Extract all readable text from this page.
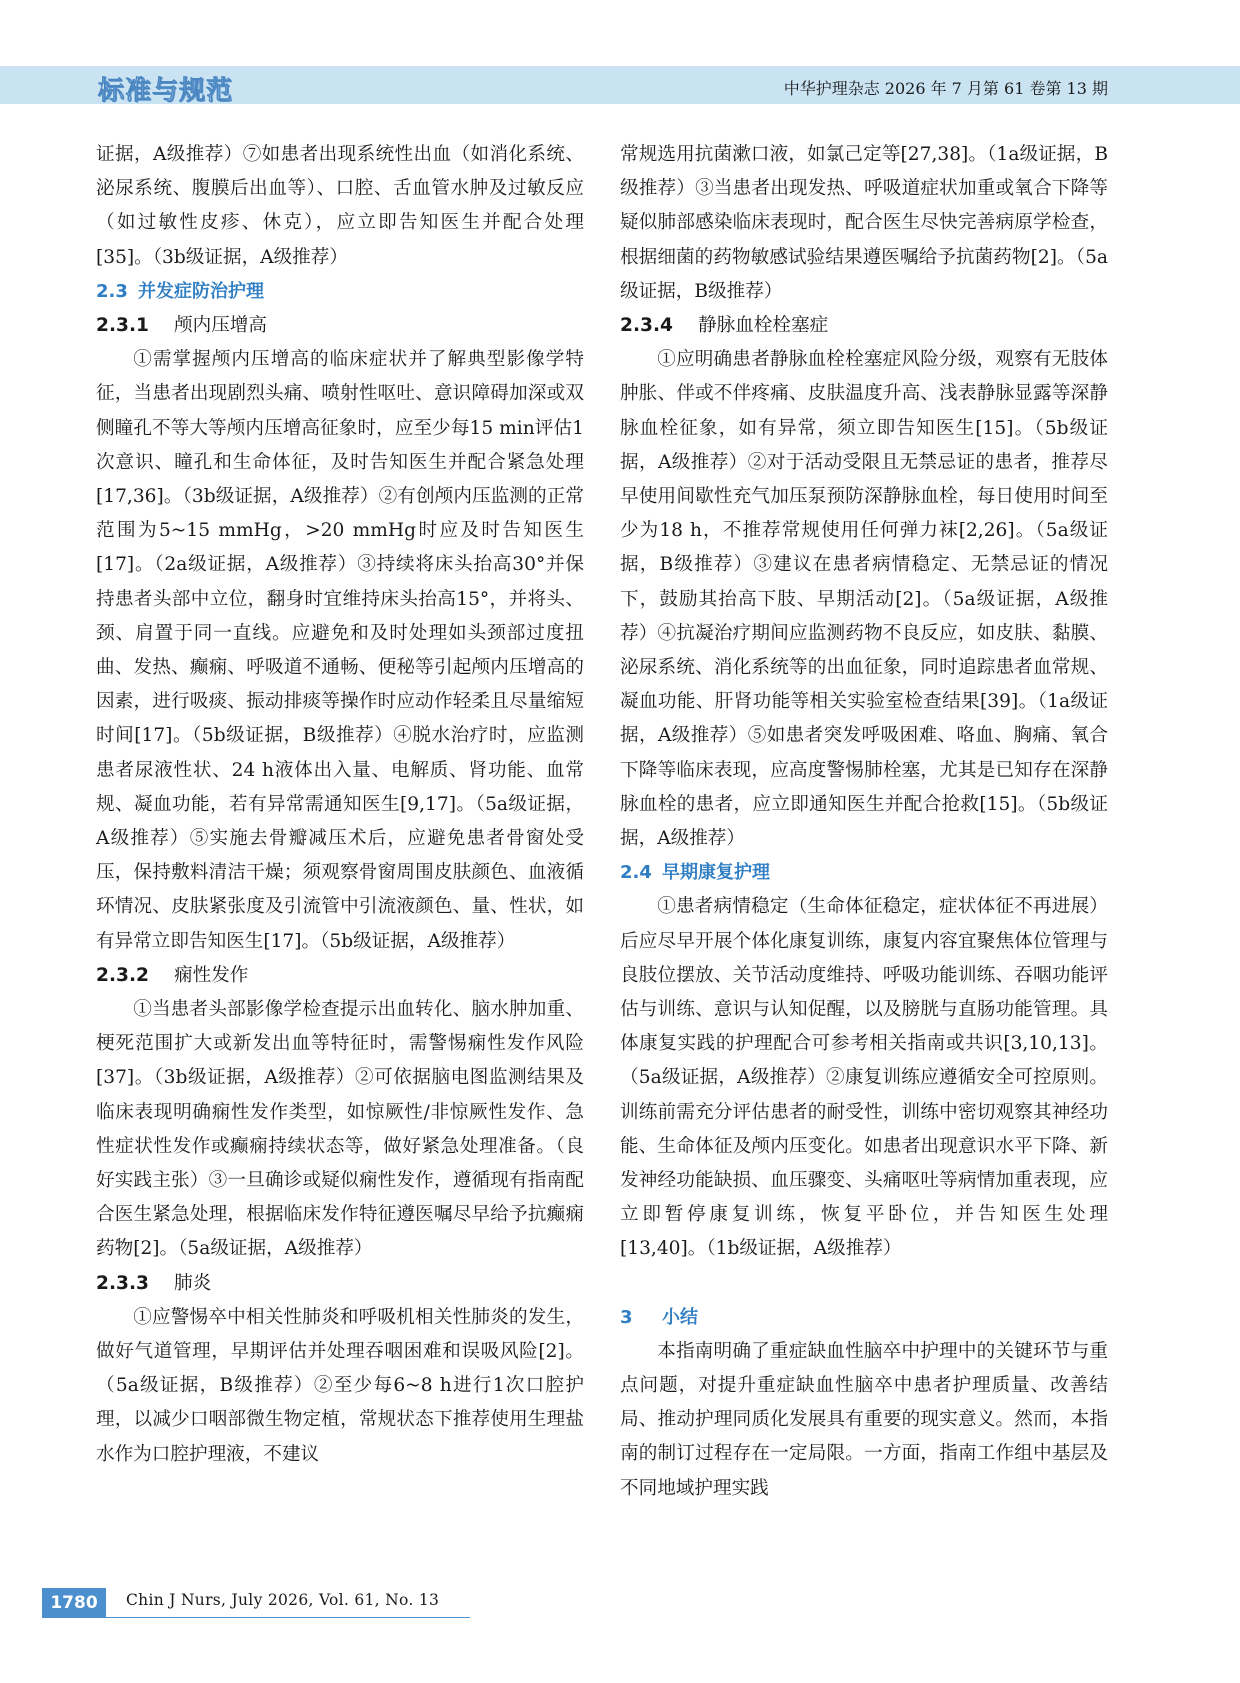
标准与规范	中华护理杂志 2026 年 7 月第 61 卷第 13 期

证据，A级推荐）⑦如患者出现系统性出血（如消化系统、泌尿系统、腹膜后出血等）、口腔、舌血管水肿及过敏反应（如过敏性皮疹、休克），应立即告知医生并配合处理[35]。（3b级证据，A级推荐）

2.3 并发症防治护理
2.3.1 颅内压增高

①需掌握颅内压增高的临床症状并了解典型影像学特征，当患者出现剧烈头痛、喷射性呕吐、意识障碍加深或双侧瞳孔不等大等颅内压增高征象时，应至少每15 min评估1次意识、瞳孔和生命体征，及时告知医生并配合紧急处理[17,36]。（3b级证据，A级推荐）②有创颅内压监测的正常范围为5~15 mmHg，>20 mmHg时应及时告知医生[17]。（2a级证据，A级推荐）③持续将床头抬高30°并保持患者头部中立位，翻身时宜维持床头抬高15°，并将头、颈、肩置于同一直线。应避免和及时处理如头颈部过度扭曲、发热、癫痫、呼吸道不通畅、便秘等引起颅内压增高的因素，进行吸痰、振动排痰等操作时应动作轻柔且尽量缩短时间[17]。（5b级证据，B级推荐）④脱水治疗时，应监测患者尿液性状、24 h液体出入量、电解质、肾功能、血常规、凝血功能，若有异常需通知医生[9,17]。（5a级证据，A级推荐）⑤实施去骨瓣减压术后，应避免患者骨窗处受压，保持敷料清洁干燥；须观察骨窗周围皮肤颜色、血液循环情况、皮肤紧张度及引流管中引流液颜色、量、性状，如有异常立即告知医生[17]。（5b级证据，A级推荐）

2.3.2 痫性发作

①当患者头部影像学检查提示出血转化、脑水肿加重、梗死范围扩大或新发出血等特征时，需警惕痫性发作风险[37]。（3b级证据，A级推荐）②可依据脑电图监测结果及临床表现明确痫性发作类型，如惊厥性/非惊厥性发作、急性症状性发作或癫痫持续状态等，做好紧急处理准备。（良好实践主张）③一旦确诊或疑似痫性发作，遵循现有指南配合医生紧急处理，根据临床发作特征遵医嘱尽早给予抗癫痫药物[2]。（5a级证据，A级推荐）

2.3.3 肺炎

①应警惕卒中相关性肺炎和呼吸机相关性肺炎的发生，做好气道管理，早期评估并处理吞咽困难和误吸风险[2]。（5a级证据，B级推荐）②至少每6~8 h进行1次口腔护理，以减少口咽部微生物定植，常规状态下推荐使用生理盐水作为口腔护理液，不建议

常规选用抗菌漱口液，如氯己定等[27,38]。（1a级证据，B级推荐）③当患者出现发热、呼吸道症状加重或氧合下降等疑似肺部感染临床表现时，配合医生尽快完善病原学检查，根据细菌的药物敏感试验结果遵医嘱给予抗菌药物[2]。（5a级证据，B级推荐）

2.3.4 静脉血栓栓塞症

①应明确患者静脉血栓栓塞症风险分级，观察有无肢体肿胀、伴或不伴疼痛、皮肤温度升高、浅表静脉显露等深静脉血栓征象，如有异常，须立即告知医生[15]。（5b级证据，A级推荐）②对于活动受限且无禁忌证的患者，推荐尽早使用间歇性充气加压泵预防深静脉血栓，每日使用时间至少为18 h，不推荐常规使用任何弹力袜[2,26]。（5a级证据，B级推荐）③建议在患者病情稳定、无禁忌证的情况下，鼓励其抬高下肢、早期活动[2]。（5a级证据，A级推荐）④抗凝治疗期间应监测药物不良反应，如皮肤、黏膜、泌尿系统、消化系统等的出血征象，同时追踪患者血常规、凝血功能、肝肾功能等相关实验室检查结果[39]。（1a级证据，A级推荐）⑤如患者突发呼吸困难、咯血、胸痛、氧合下降等临床表现，应高度警惕肺栓塞，尤其是已知存在深静脉血栓的患者，应立即通知医生并配合抢救[15]。（5b级证据，A级推荐）

2.4 早期康复护理

①患者病情稳定（生命体征稳定，症状体征不再进展）后应尽早开展个体化康复训练，康复内容宜聚焦体位管理与良肢位摆放、关节活动度维持、呼吸功能训练、吞咽功能评估与训练、意识与认知促醒，以及膀胱与直肠功能管理。具体康复实践的护理配合可参考相关指南或共识[3,10,13]。（5a级证据，A级推荐）②康复训练应遵循安全可控原则。训练前需充分评估患者的耐受性，训练中密切观察其神经功能、生命体征及颅内压变化。如患者出现意识水平下降、新发神经功能缺损、血压骤变、头痛呕吐等病情加重表现，应立即暂停康复训练，恢复平卧位，并告知医生处理[13,40]。（1b级证据，A级推荐）

3 小结

本指南明确了重症缺血性脑卒中护理中的关键环节与重点问题，对提升重症缺血性脑卒中患者护理质量、改善结局、推动护理同质化发展具有重要的现实意义。然而，本指南的制订过程存在一定局限。一方面，指南工作组中基层及不同地域护理实践

1780	Chin J Nurs, July 2026, Vol. 61, No. 13
